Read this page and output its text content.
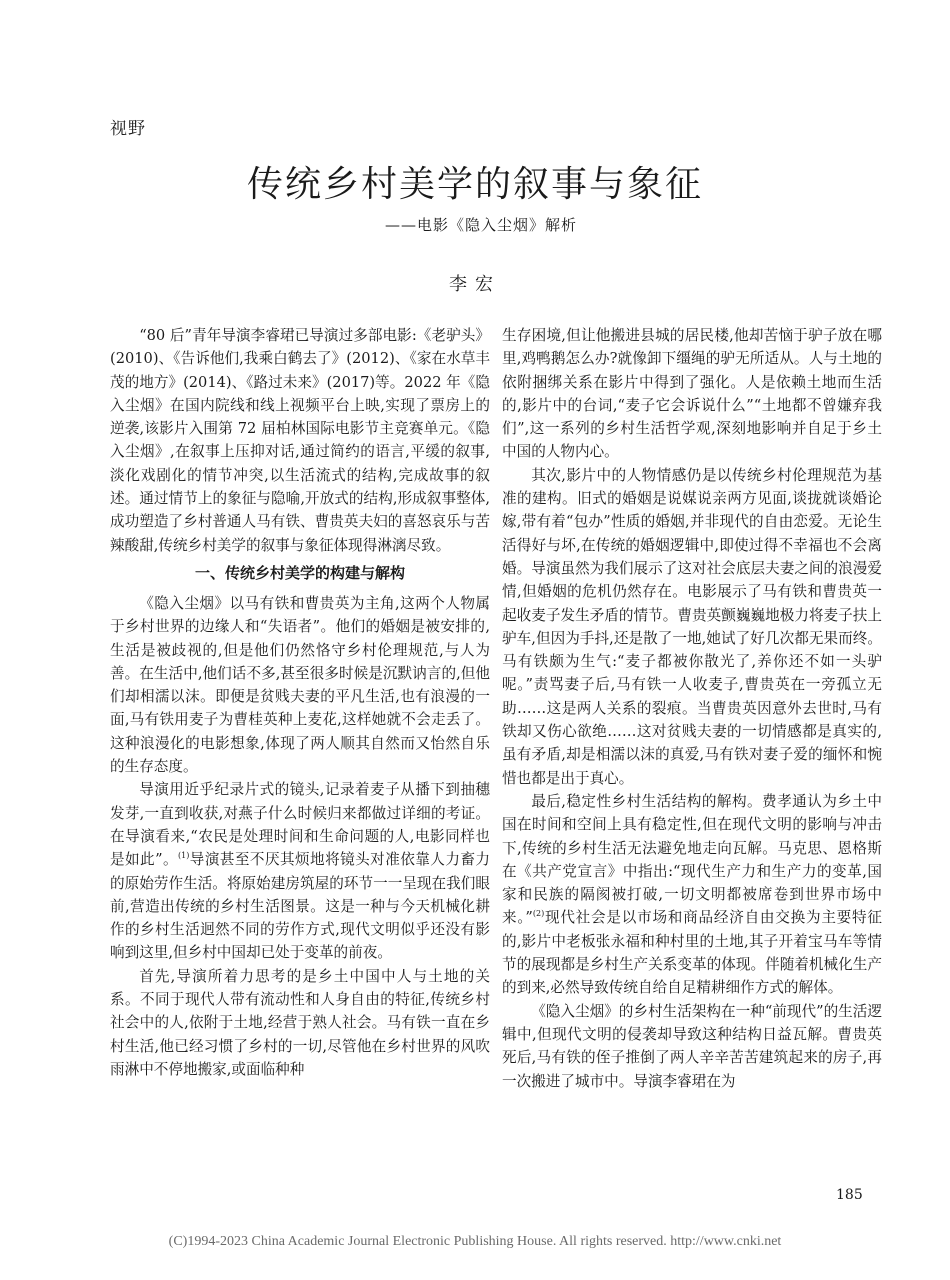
视野
传统乡村美学的叙事与象征
——电影《隐入尘烟》解析
李宏

“80 后”青年导演李睿珺已导演过多部电影:《老驴头》(2010)、《告诉他们,我乘白鹤去了》(2012)、《家在水草丰茂的地方》(2014)、《路过未来》(2017)等。2022 年《隐入尘烟》在国内院线和线上视频平台上映,实现了票房上的逆袭,该影片入围第 72 届柏林国际电影节主竞赛单元。《隐入尘烟》,在叙事上压抑对话,通过简约的语言,平缓的叙事,淡化戏剧化的情节冲突,以生活流式的结构,完成故事的叙述。通过情节上的象征与隐喻,开放式的结构,形成叙事整体,成功塑造了乡村普通人马有铁、曹贵英夫妇的喜怒哀乐与苦辣酸甜,传统乡村美学的叙事与象征体现得淋漓尽致。

一、传统乡村美学的构建与解构

《隐入尘烟》以马有铁和曹贵英为主角,这两个人物属于乡村世界的边缘人和“失语者”。他们的婚姻是被安排的,生活是被歧视的,但是他们仍然恪守乡村伦理规范,与人为善。在生活中,他们话不多,甚至很多时候是沉默讷言的,但他们却相濡以沫。即便是贫贱夫妻的平凡生活,也有浪漫的一面,马有铁用麦子为曹桂英种上麦花,这样她就不会走丢了。这种浪漫化的电影想象,体现了两人顺其自然而又怡然自乐的生存态度。

导演用近乎纪录片式的镜头,记录着麦子从播下到抽穗发芽,一直到收获,对燕子什么时候归来都做过详细的考证。在导演看来,“农民是处理时间和生命问题的人,电影同样也是如此”。$^{(1)}$导演甚至不厌其烦地将镜头对准依靠人力畜力的原始劳作生活。将原始建房筑屋的环节一一呈现在我们眼前,营造出传统的乡村生活图景。这是一种与今天机械化耕作的乡村生活迥然不同的劳作方式,现代文明似乎还没有影响到这里,但乡村中国却已处于变革的前夜。

首先,导演所着力思考的是乡土中国中人与土地的关系。不同于现代人带有流动性和人身自由的特征,传统乡村社会中的人,依附于土地,经营于熟人社会。马有铁一直在乡村生活,他已经习惯了乡村的一切,尽管他在乡村世界的风吹雨淋中不停地搬家,或面临种种

生存困境,但让他搬进县城的居民楼,他却苦恼于驴子放在哪里,鸡鸭鹅怎么办?就像卸下缰绳的驴无所适从。人与土地的依附捆绑关系在影片中得到了强化。人是依赖土地而生活的,影片中的台词,“麦子它会诉说什么”“土地都不曾嫌弃我们”,这一系列的乡村生活哲学观,深刻地影响并自足于乡土中国的人物内心。

其次,影片中的人物情感仍是以传统乡村伦理规范为基准的建构。旧式的婚姻是说媒说亲两方见面,谈拢就谈婚论嫁,带有着“包办”性质的婚姻,并非现代的自由恋爱。无论生活得好与坏,在传统的婚姻逻辑中,即使过得不幸福也不会离婚。导演虽然为我们展示了这对社会底层夫妻之间的浪漫爱情,但婚姻的危机仍然存在。电影展示了马有铁和曹贵英一起收麦子发生矛盾的情节。曹贵英颤巍巍地极力将麦子扶上驴车,但因为手抖,还是散了一地,她试了好几次都无果而终。马有铁颇为生气:“麦子都被你散光了,养你还不如一头驴呢。”责骂妻子后,马有铁一人收麦子,曹贵英在一旁孤立无助……这是两人关系的裂痕。当曹贵英因意外去世时,马有铁却又伤心欲绝……这对贫贱夫妻的一切情感都是真实的,虽有矛盾,却是相濡以沫的真爱,马有铁对妻子爱的缅怀和惋惜也都是出于真心。

最后,稳定性乡村生活结构的解构。费孝通认为乡土中国在时间和空间上具有稳定性,但在现代文明的影响与冲击下,传统的乡村生活无法避免地走向瓦解。马克思、恩格斯在《共产党宣言》中指出:“现代生产力和生产力的变革,国家和民族的隔阂被打破,一切文明都被席卷到世界市场中来。”$^{(2)}$现代社会是以市场和商品经济自由交换为主要特征的,影片中老板张永福和种村里的土地,其子开着宝马车等情节的展现都是乡村生产关系变革的体现。伴随着机械化生产的到来,必然导致传统自给自足精耕细作方式的解体。

《隐入尘烟》的乡村生活架构在一种“前现代”的生活逻辑中,但现代文明的侵袭却导致这种结构日益瓦解。曹贵英死后,马有铁的侄子推倒了两人辛辛苦苦建筑起来的房子,再一次搬进了城市中。导演李睿珺在为

185
(C)1994-2023 China Academic Journal Electronic Publishing House. All rights reserved. http://www.cnki.net
